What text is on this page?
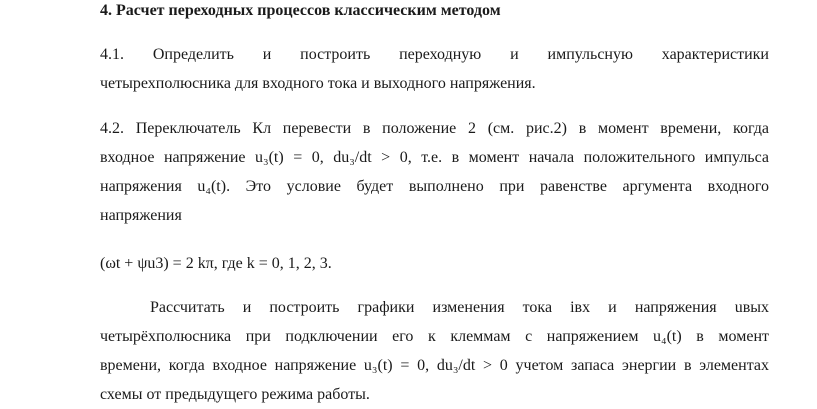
4. Расчет переходных процессов классическим методом
4.1. Определить и построить переходную и импульсную характеристики
четырехполюсника для входного тока и выходного напряжения.
4.2. Переключатель Кл перевести в положение 2 (см. рис.2) в момент времени, когда
входное напряжение u₃(t) = 0, du₃/dt > 0, т.е. в момент начала положительного импульса
напряжения u₄(t). Это условие будет выполнено при равенстве аргумента входного
напряжения
(ωt + ψu3) = 2 kπ, где k = 0, 1, 2, 3.
Рассчитать и построить графики изменения тока iвх и напряжения uвых
четырёхполюсника при подключении его к клеммам с напряжением u₄(t) в момент
времени, когда входное напряжение u₃(t) = 0, du₃/dt > 0 учетом запаса энергии в элементах
схемы от предыдущего режима работы.
